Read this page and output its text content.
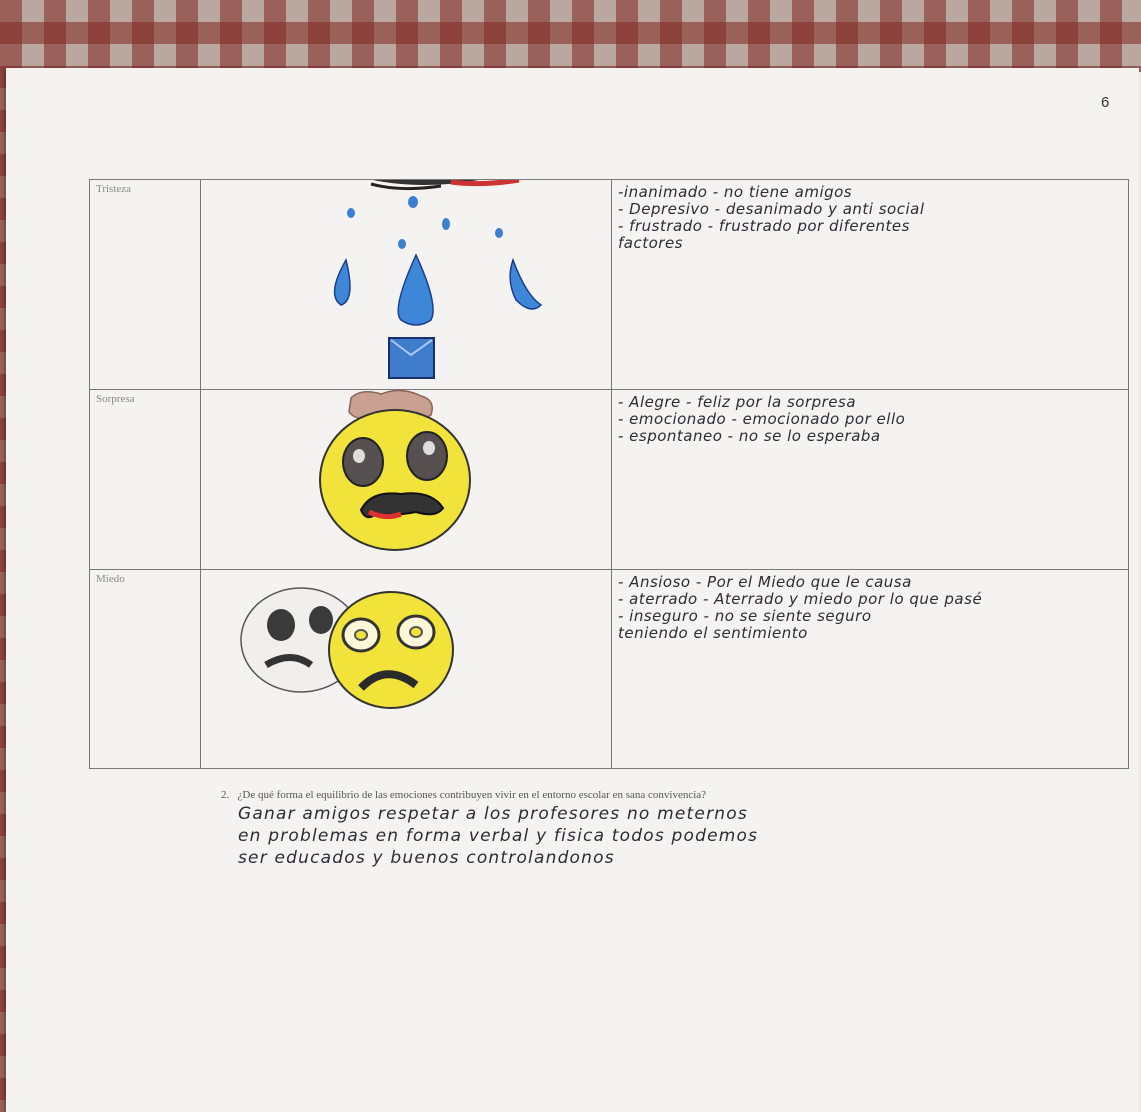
6
Tristeza		-inanimado - no tiene amigos
- Depresivo - desanimado y anti social
- frustrado - frustrado por diferentes
factores

Sorpresa		- Alegre - feliz por la sorpresa
- emocionado - emocionado por ello
- espontaneo - no se lo esperaba

Miedo		- Ansioso - Por el Miedo que le causa
- aterrado - Aterrado y miedo por lo que pasé
- inseguro - no se siente seguro
teniendo el sentimiento
2. ¿De qué forma el equilibrio de las emociones contribuyen vivir en el entorno escolar en sana convivencia?
Ganar amigos respetar a los profesores no meternos
en problemas en forma verbal y fisica todos podemos
ser educados y buenos controlandonos
